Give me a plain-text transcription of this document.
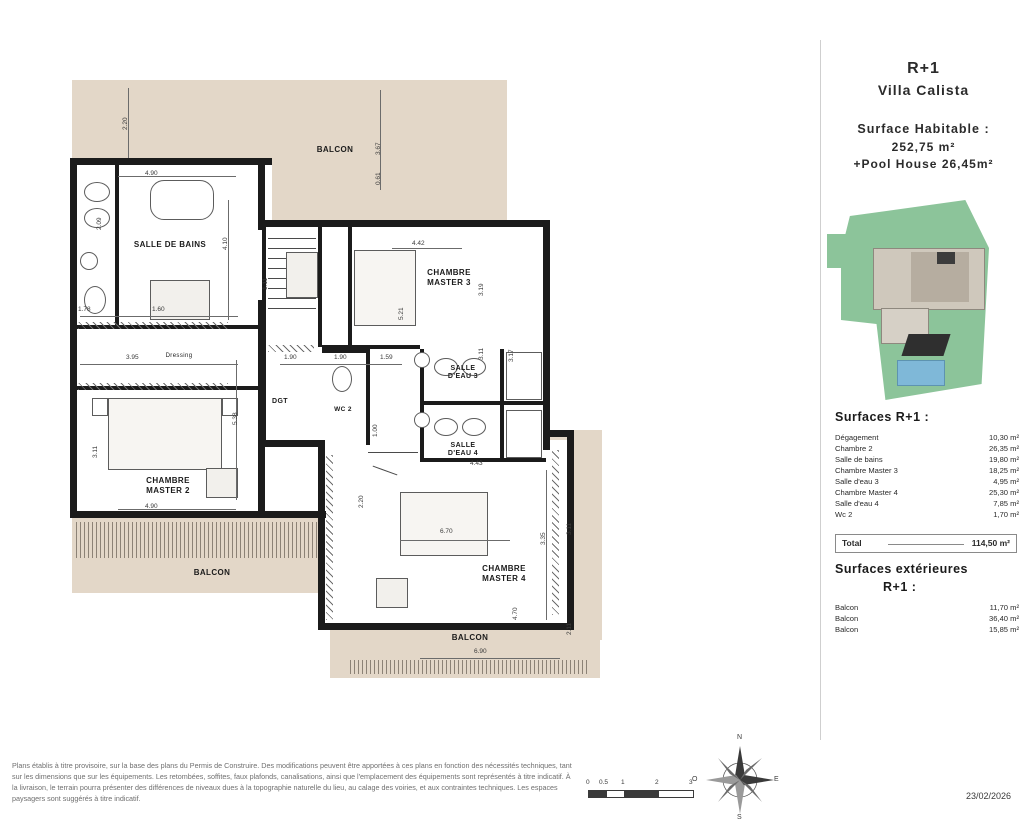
BALCON
SALLE DE BAINS
CHAMBRE MASTER 3
SALLE D'EAU 3
SALLE D'EAU 4
WC 2
DGT
Dressing
CHAMBRE MASTER 2
CHAMBRE MASTER 4
BALCON
BALCON
4.90
2.20
3.67
0.61
4.10
2.09
1.11
1.78	1.60
3.95	1.90	1.90	1.59
4.42
5.21
3.19
3.11	3.17
5.38
3.11
1.00
4.43
4.90	2.20
6.70
3.35
4.70
6.90
2.11
3.11
R+1
Villa Calista
Surface Habitable :
252,75 m²
+Pool House 26,45m²
Surfaces R+1 :
Dégagement	10,30 m²
Chambre 2	26,35 m²
Salle de bains	19,80 m²
Chambre Master 3	18,25 m²
Salle d'eau 3	4,95 m²
Chambre Master 4	25,30 m²
Salle d'eau 4	7,85 m²
Wc 2	1,70 m²
Total	114,50 m²
Surfaces extérieures
R+1 :
Balcon	11,70 m²
Balcon	36,40 m²
Balcon	15,85 m²
Plans établis à titre provisoire, sur la base des plans du Permis de Construire. Des modifications peuvent être apportées à ces plans en fonction des nécessités techniques, tant sur les dimensions que sur les équipements. Les retombées, soffites, faux plafonds, canalisations, ainsi que l'emplacement des équipements sont représentés à titre indicatif. À la livraison, le terrain pourra présenter des différences de niveaux dues à la topographie naturelle du lieu, au calage des voiries, et aux contraintes techniques. Les espaces paysagers sont suggérés à titre indicatif.	23/02/2026
0 0.5 1	2	3
N
S
E
O
